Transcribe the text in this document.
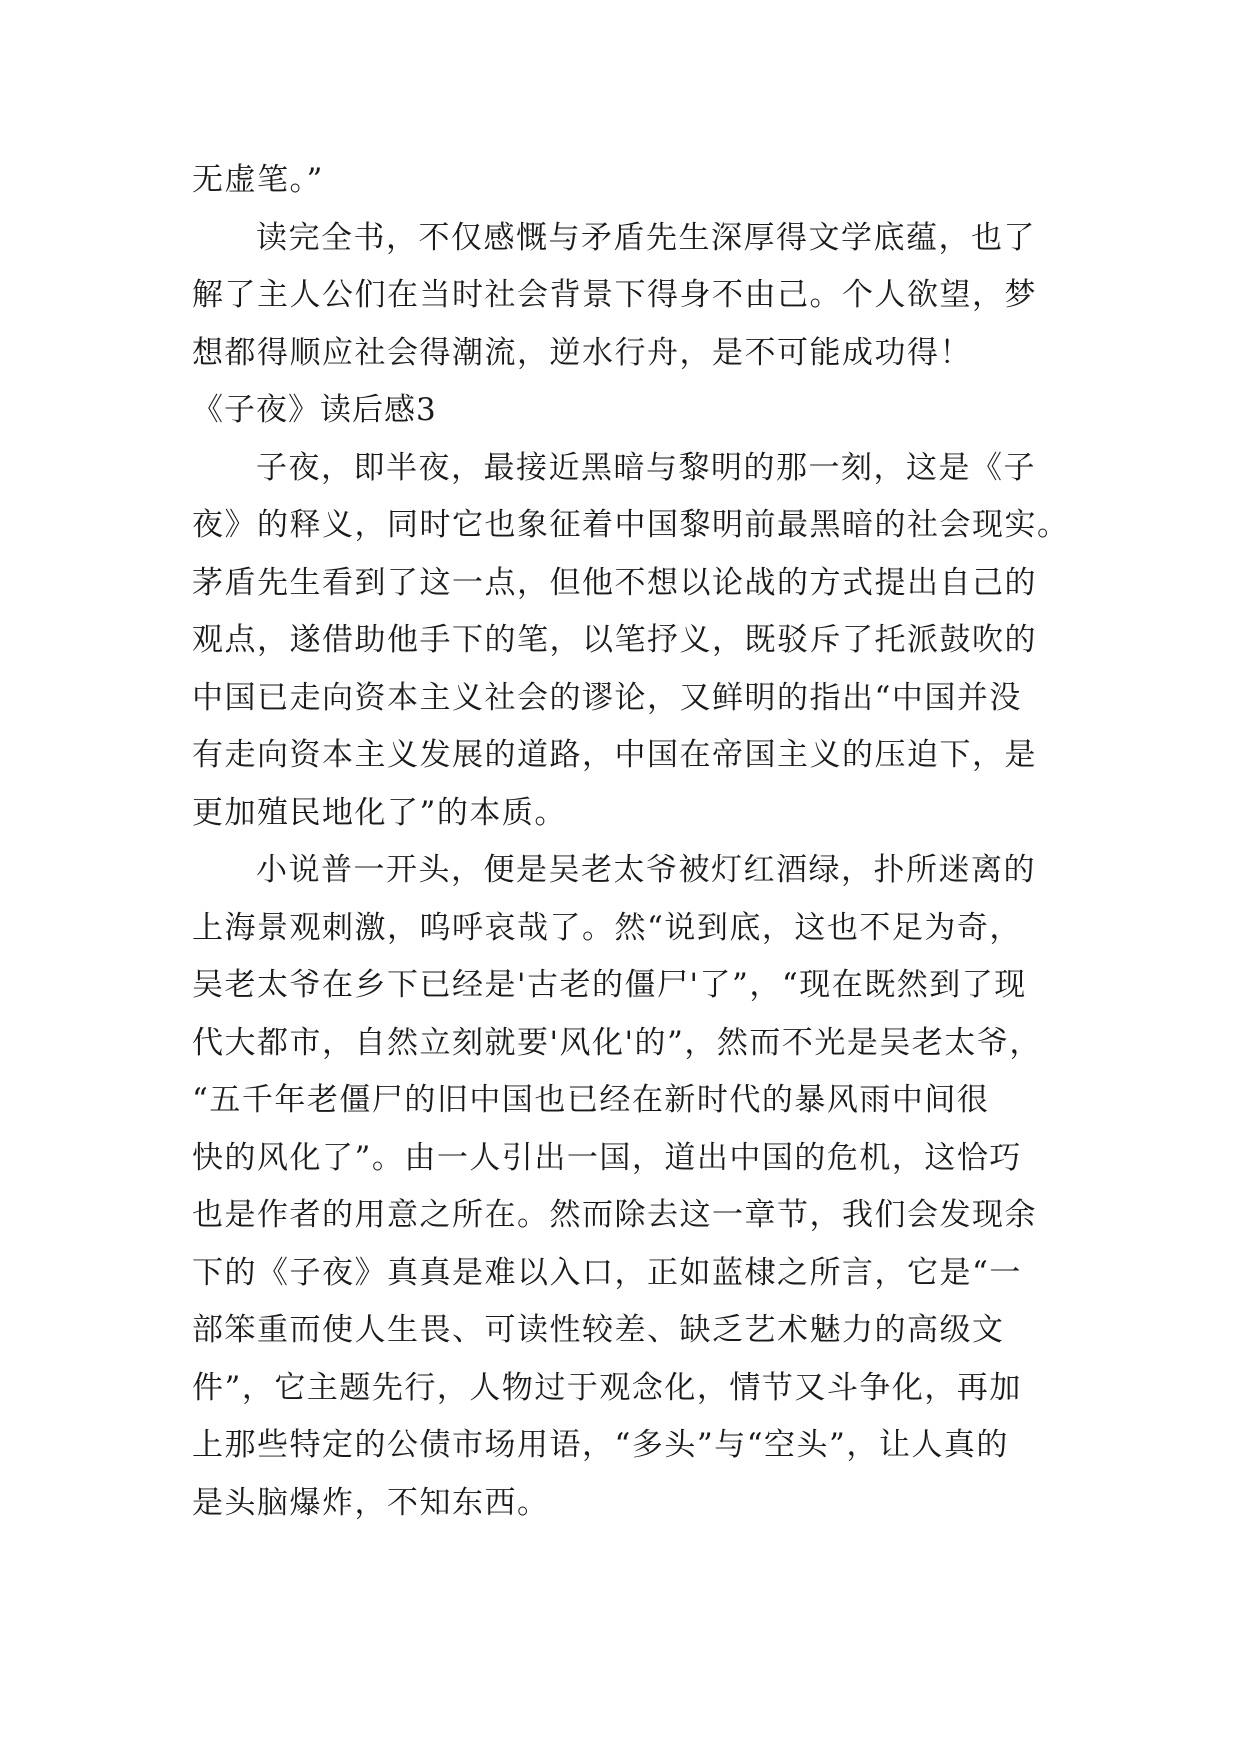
无虚笔。”
读完全书，不仅感慨与矛盾先生深厚得文学底蕴，也了
解了主人公们在当时社会背景下得身不由己。个人欲望，梦
想都得顺应社会得潮流，逆水行舟，是不可能成功得！
《子夜》读后感3
子夜，即半夜，最接近黑暗与黎明的那一刻，这是《子
夜》的释义，同时它也象征着中国黎明前最黑暗的社会现实。
茅盾先生看到了这一点，但他不想以论战的方式提出自己的
观点，遂借助他手下的笔，以笔抒义，既驳斥了托派鼓吹的
中国已走向资本主义社会的谬论，又鲜明的指出“中国并没
有走向资本主义发展的道路，中国在帝国主义的压迫下，是
更加殖民地化了”的本质。
小说普一开头，便是吴老太爷被灯红酒绿，扑所迷离的
上海景观刺激，呜呼哀哉了。然“说到底，这也不足为奇，
吴老太爷在乡下已经是'古老的僵尸'了”，“现在既然到了现
代大都市，自然立刻就要'风化'的”，然而不光是吴老太爷，
“五千年老僵尸的旧中国也已经在新时代的暴风雨中间很
快的风化了”。由一人引出一国，道出中国的危机，这恰巧
也是作者的用意之所在。然而除去这一章节，我们会发现余
下的《子夜》真真是难以入口，正如蓝棣之所言，它是“一
部笨重而使人生畏、可读性较差、缺乏艺术魅力的高级文
件”，它主题先行，人物过于观念化，情节又斗争化，再加
上那些特定的公债市场用语，“多头”与“空头”，让人真的
是头脑爆炸，不知东西。
